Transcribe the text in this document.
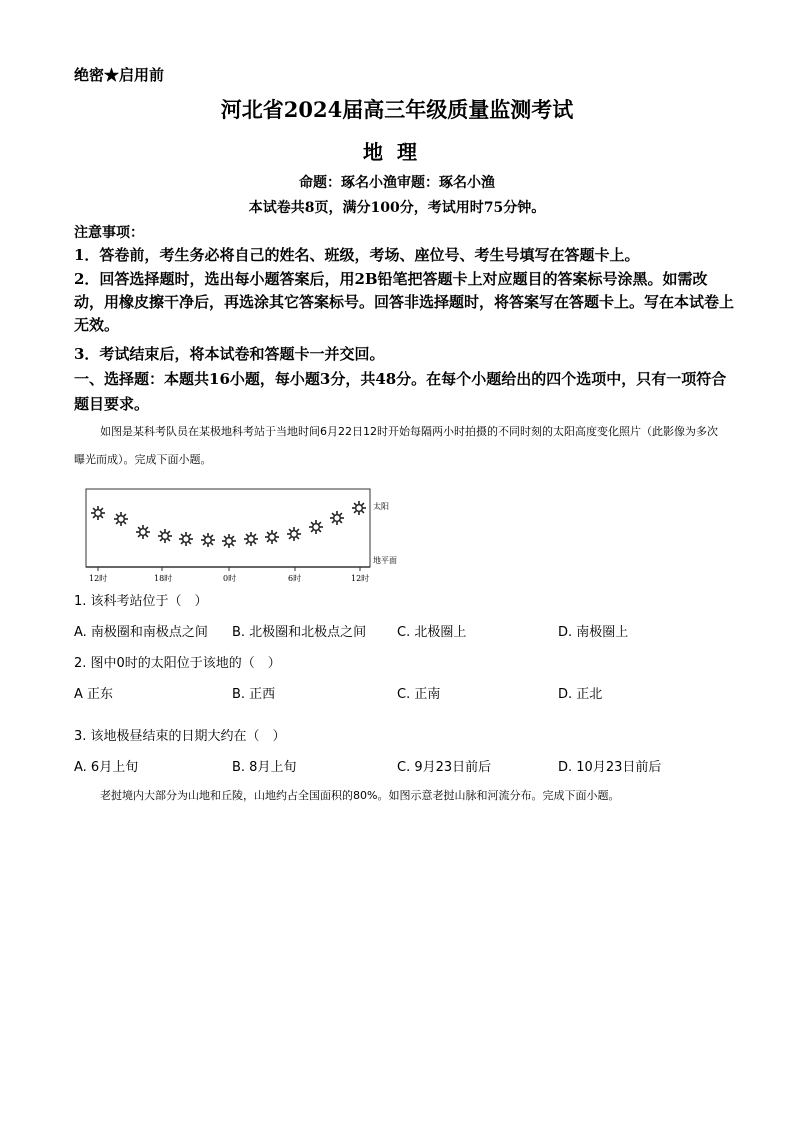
绝密★启用前
河北省2024届高三年级质量监测考试
地理
命题：琢名小渔审题：琢名小渔
本试卷共8页，满分100分，考试用时75分钟。
注意事项：
1．答卷前，考生务必将自己的姓名、班级，考场、座位号、考生号填写在答题卡上。
2．回答选择题时，选出每小题答案后，用2B铅笔把答题卡上对应题目的答案标号涂黑。如需改动，用橡皮擦干净后，再选涂其它答案标号。回答非选择题时，将答案写在答题卡上。写在本试卷上无效。
3．考试结束后，将本试卷和答题卡一并交回。
一、选择题：本题共16小题，每小题3分，共48分。在每个小题给出的四个选项中，只有一项符合题目要求。
如图是某科考队员在某极地科考站于当地时间6月22日12时开始每隔两小时拍摄的不同时刻的太阳高度变化照片（此影像为多次曝光而成）。完成下面小题。
太阳
地平面
12时	18时	0时	6时	12时
1. 该科考站位于（　）
A. 南极圈和南极点之间 B. 北极圈和北极点之间 C. 北极圈上	D. 南极圈上
2. 图中0时的太阳位于该地的（　）
A 正东	B. 正西	C. 正南	D. 正北
3. 该地极昼结束的日期大约在（　）
A. 6月上旬	B. 8月上旬	C. 9月23日前后	D. 10月23日前后
老挝境内大部分为山地和丘陵，山地约占全国面积的80%。如图示意老挝山脉和河流分布。完成下面小题。
